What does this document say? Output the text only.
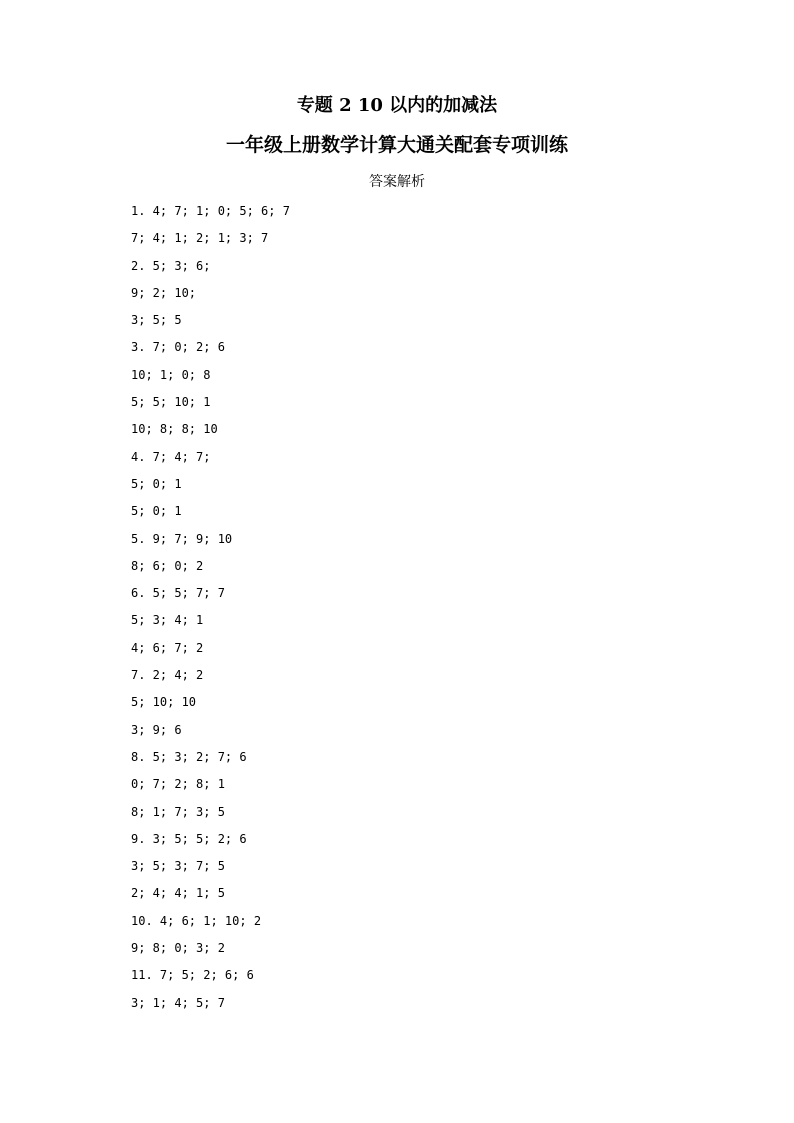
专题 2 10 以内的加减法
一年级上册数学计算大通关配套专项训练

答案解析

1. 4; 7; 1; 0; 5; 6; 7
7; 4; 1; 2; 1; 3; 7
2. 5; 3; 6;
9; 2; 10;
3; 5; 5
3. 7; 0; 2; 6
10; 1; 0; 8
5; 5; 10; 1
10; 8; 8; 10
4. 7; 4; 7;
5; 0; 1
5; 0; 1
5. 9; 7; 9; 10
8; 6; 0; 2
6. 5; 5; 7; 7
5; 3; 4; 1
4; 6; 7; 2
7. 2; 4; 2
5; 10; 10
3; 9; 6
8. 5; 3; 2; 7; 6
0; 7; 2; 8; 1
8; 1; 7; 3; 5
9. 3; 5; 5; 2; 6
3; 5; 3; 7; 5
2; 4; 4; 1; 5
10. 4; 6; 1; 10; 2
9; 8; 0; 3; 2
11. 7; 5; 2; 6; 6
3; 1; 4; 5; 7
